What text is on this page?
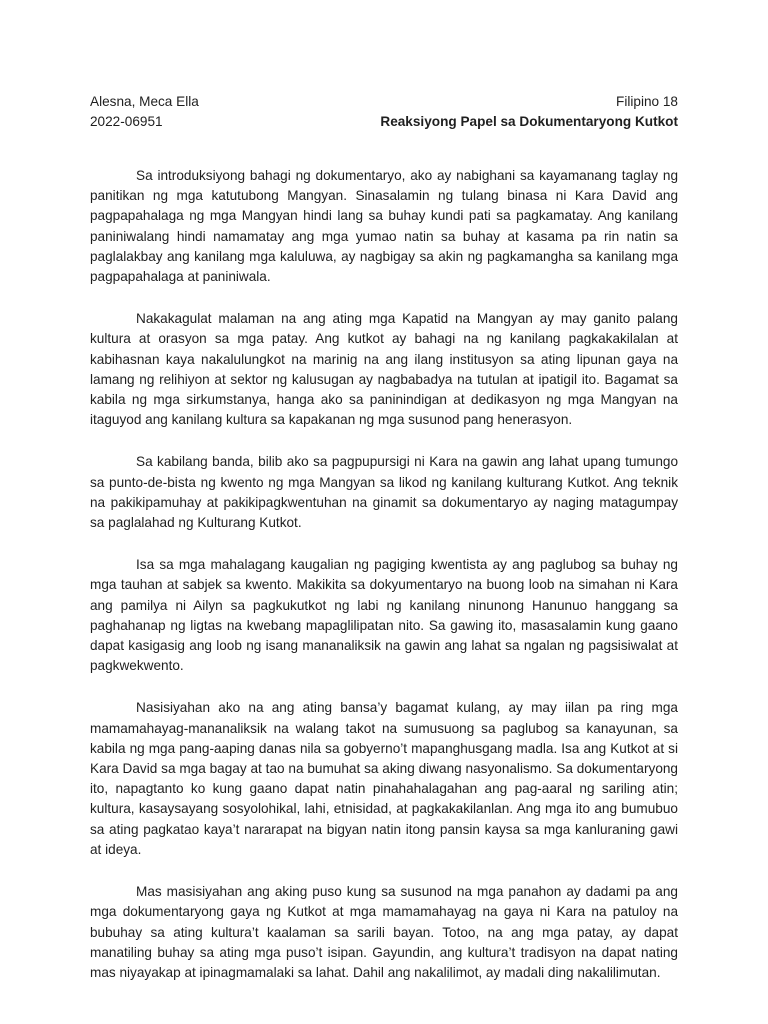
Alesna, Meca Ella	Filipino 18
2022-06951	Reaksiyong Papel sa Dokumentaryong Kutkot

Sa introduksiyong bahagi ng dokumentaryo, ako ay nabighani sa kayamanang taglay ng panitikan ng mga katutubong Mangyan. Sinasalamin ng tulang binasa ni Kara David ang pagpapahalaga ng mga Mangyan hindi lang sa buhay kundi pati sa pagkamatay. Ang kanilang paniniwalang hindi namamatay ang mga yumao natin sa buhay at kasama pa rin natin sa paglalakbay ang kanilang mga kaluluwa, ay nagbigay sa akin ng pagkamangha sa kanilang mga pagpapahalaga at paniniwala.

Nakakagulat malaman na ang ating mga Kapatid na Mangyan ay may ganito palang kultura at orasyon sa mga patay. Ang kutkot ay bahagi na ng kanilang pagkakakilalan at kabihasnan kaya nakalulungkot na marinig na ang ilang institusyon sa ating lipunan gaya na lamang ng relihiyon at sektor ng kalusugan ay nagbabadya na tutulan at ipatigil ito. Bagamat sa kabila ng mga sirkumstanya, hanga ako sa paninindigan at dedikasyon ng mga Mangyan na itaguyod ang kanilang kultura sa kapakanan ng mga susunod pang henerasyon.

Sa kabilang banda, bilib ako sa pagpupursigi ni Kara na gawin ang lahat upang tumungo sa punto-de-bista ng kwento ng mga Mangyan sa likod ng kanilang kulturang Kutkot. Ang teknik na pakikipamuhay at pakikipagkwentuhan na ginamit sa dokumentaryo ay naging matagumpay sa paglalahad ng Kulturang Kutkot.

Isa sa mga mahalagang kaugalian ng pagiging kwentista ay ang paglubog sa buhay ng mga tauhan at sabjek sa kwento. Makikita sa dokyumentaryo na buong loob na simahan ni Kara ang pamilya ni Ailyn sa pagkukutkot ng labi ng kanilang ninunong Hanunuo hanggang sa paghahanap ng ligtas na kwebang mapaglilipatan nito. Sa gawing ito, masasalamin kung gaano dapat kasigasig ang loob ng isang mananaliksik na gawin ang lahat sa ngalan ng pagsisiwalat at pagkwekwento.

Nasisiyahan ako na ang ating bansa’y bagamat kulang, ay may iilan pa ring mga mamamahayag-mananaliksik na walang takot na sumusuong sa paglubog sa kanayunan, sa kabila ng mga pang-aaping danas nila sa gobyerno’t mapanghusgang madla. Isa ang Kutkot at si Kara David sa mga bagay at tao na bumuhat sa aking diwang nasyonalismo. Sa dokumentaryong ito, napagtanto ko kung gaano dapat natin pinahahalagahan ang pag-aaral ng sariling atin; kultura, kasaysayang sosyolohikal, lahi, etnisidad, at pagkakakilanlan. Ang mga ito ang bumubuo sa ating pagkatao kaya’t nararapat na bigyan natin itong pansin kaysa sa mga kanluraning gawi at ideya.

Mas masisiyahan ang aking puso kung sa susunod na mga panahon ay dadami pa ang mga dokumentaryong gaya ng Kutkot at mga mamamahayag na gaya ni Kara na patuloy na bubuhay sa ating kultura’t kaalaman sa sarili bayan. Totoo, na ang mga patay, ay dapat manatiling buhay sa ating mga puso’t isipan. Gayundin, ang kultura’t tradisyon na dapat nating mas niyayakap at ipinagmamalaki sa lahat. Dahil ang nakalilimot, ay madali ding nakalilimutan.
